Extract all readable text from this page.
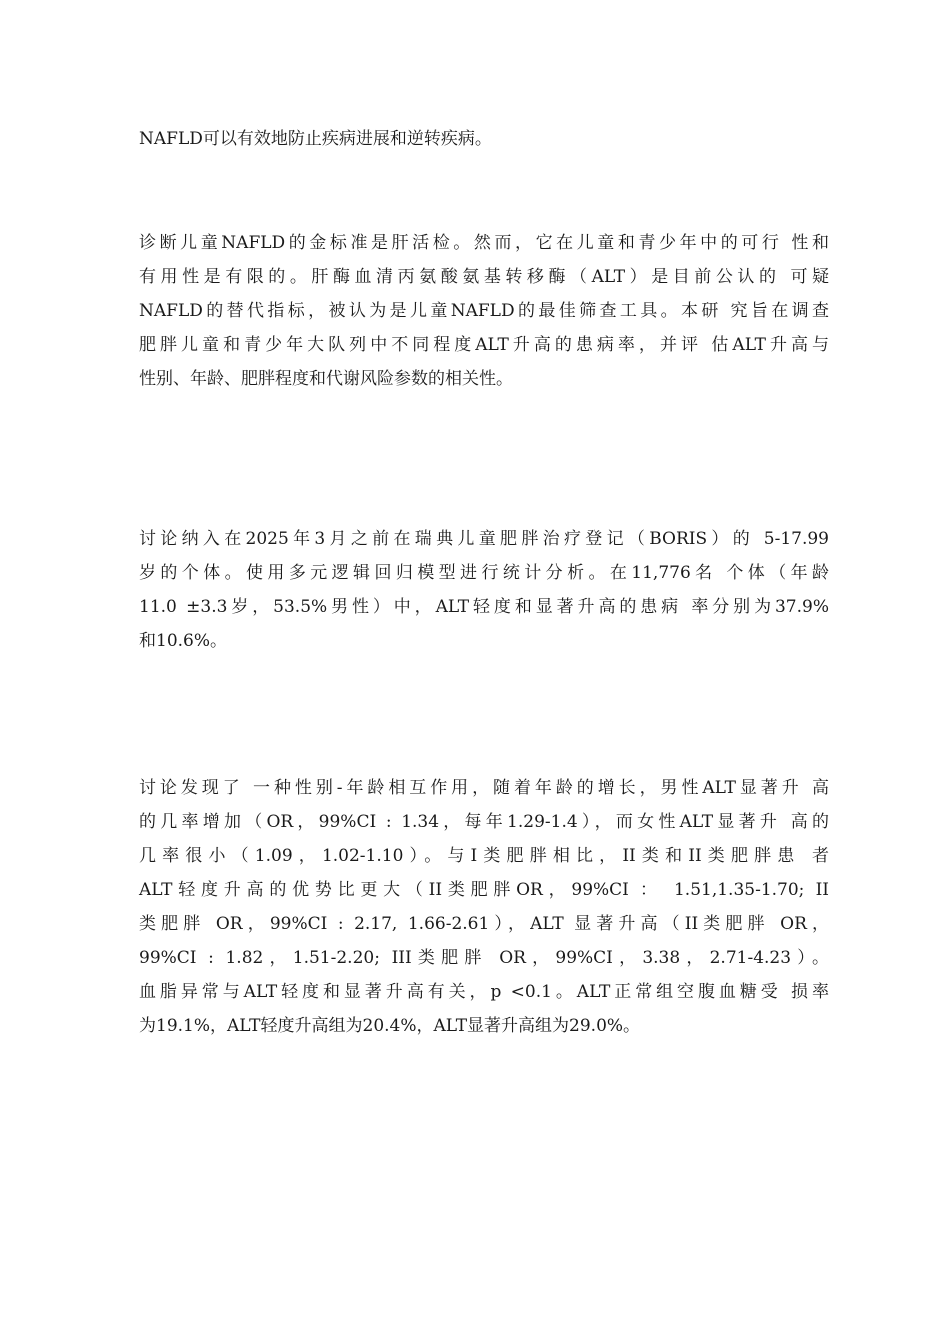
NAFLD可以有效地防止疾病进展和逆转疾病。
诊断儿童NAFLD的金标准是肝活检。然而，它在儿童和青少年中的可行 性和
有用性是有限的。肝酶血清丙氨酸氨基转移酶（ALT）是目前公认的 可疑
NAFLD的替代指标，被认为是儿童NAFLD的最佳筛查工具。本研 究旨在调查
肥胖儿童和青少年大队列中不同程度ALT升高的患病率，并评 估ALT升高与
性别、年龄、肥胖程度和代谢风险参数的相关性。
讨论纳入在2025年3月之前在瑞典儿童肥胖治疗登记（BORIS）的 5-17.99
岁的个体。使用多元逻辑回归模型进行统计分析。在11,776名 个体（年龄
11.0 ±3.3岁，53.5%男性）中，ALT轻度和显著升高的患病 率分别为37.9%
和10.6%。
讨论发现了 一种性别-年龄相互作用，随着年龄的增长，男性ALT显著升 高
的几率增加（OR，99%CI : 1.34，每年1.29-1.4），而女性ALT显著升 高的
几率很小（1.09，1.02-1.10）。与I类肥胖相比，II类和II类肥胖患 者
ALT轻度升高的优势比更大（II类肥胖OR，99%CI ： 1.51,1.35-1.70; II
类肥胖 OR，99%CI : 2.17, 1.66-2.61），ALT 显著升高（II类肥胖 OR，
99%CI : 1.82，1.51-2.20; III类肥胖 OR，99%CI，3.38，2.71-4.23）。
血脂异常与ALT轻度和显著升高有关，p <0.1。ALT正常组空腹血糖受 损率
为19.1%，ALT轻度升高组为20.4%，ALT显著升高组为29.0%。
